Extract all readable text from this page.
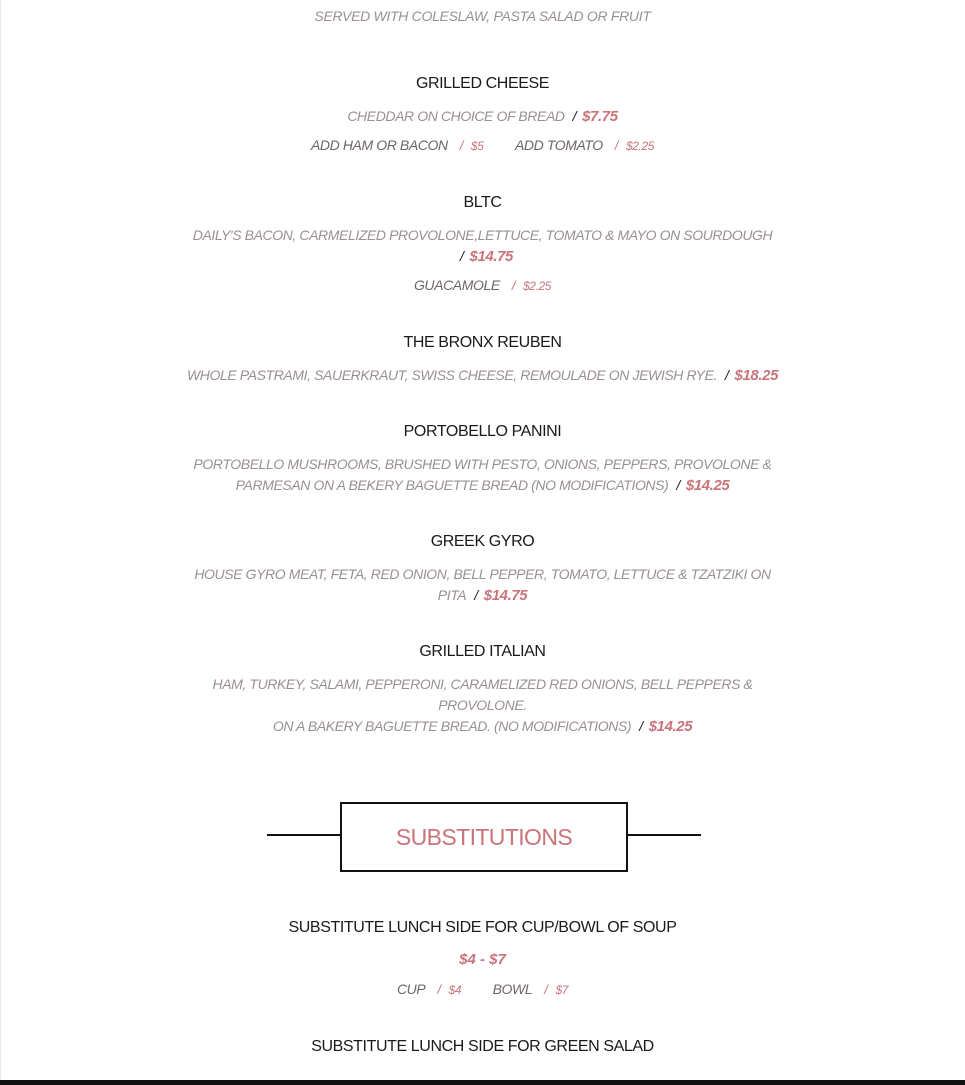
SERVED WITH COLESLAW, PASTA SALAD OR FRUIT
GRILLED CHEESE
CHEDDAR ON CHOICE OF BREAD / $7.75
ADD HAM OR BACON / $5 ADD TOMATO / $2.25
BLTC
DAILY'S BACON, CARMELIZED PROVOLONE,LETTUCE, TOMATO & MAYO ON SOURDOUGH
/ $14.75
GUACAMOLE / $2.25
THE BRONX REUBEN
WHOLE PASTRAMI, SAUERKRAUT, SWISS CHEESE, REMOULADE ON JEWISH RYE. / $18.25
PORTOBELLO PANINI
PORTOBELLO MUSHROOMS, BRUSHED WITH PESTO, ONIONS, PEPPERS, PROVOLONE &
PARMESAN ON A BEKERY BAGUETTE BREAD (NO MODIFICATIONS) / $14.25
GREEK GYRO
HOUSE GYRO MEAT, FETA, RED ONION, BELL PEPPER, TOMATO, LETTUCE & TZATZIKI ON
PITA / $14.75
GRILLED ITALIAN
HAM, TURKEY, SALAMI, PEPPERONI, CARAMELIZED RED ONIONS, BELL PEPPERS & PROVOLONE.
ON A BAKERY BAGUETTE BREAD. (NO MODIFICATIONS) / $14.25
SUBSTITUTIONS
SUBSTITUTE LUNCH SIDE FOR CUP/BOWL OF SOUP
$4 - $7
CUP / $4 BOWL / $7
SUBSTITUTE LUNCH SIDE FOR GREEN SALAD
